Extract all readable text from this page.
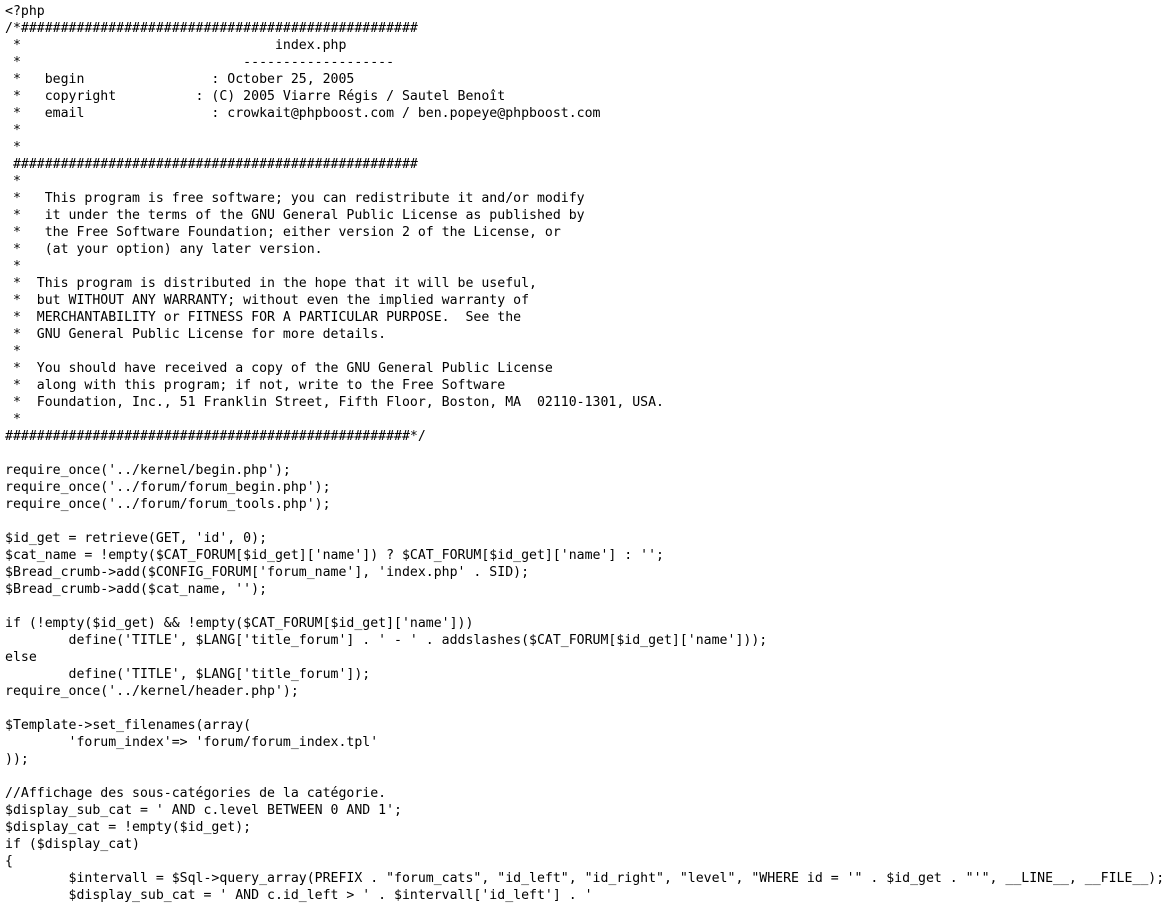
<?php
/*##################################################
*                                index.php
*                            -------------------
*   begin                : October 25, 2005
*   copyright          : (C) 2005 Viarre Régis / Sautel Benoît
*   email                : crowkait@phpboost.com / ben.popeye@phpboost.com
*
*
###################################################
*
*   This program is free software; you can redistribute it and/or modify
*   it under the terms of the GNU General Public License as published by
*   the Free Software Foundation; either version 2 of the License, or
*   (at your option) any later version.
*
*  This program is distributed in the hope that it will be useful,
*  but WITHOUT ANY WARRANTY; without even the implied warranty of
*  MERCHANTABILITY or FITNESS FOR A PARTICULAR PURPOSE.  See the
*  GNU General Public License for more details.
*
*  You should have received a copy of the GNU General Public License
*  along with this program; if not, write to the Free Software
*  Foundation, Inc., 51 Franklin Street, Fifth Floor, Boston, MA  02110-1301, USA.
*
###################################################*/
require_once('../kernel/begin.php');
require_once('../forum/forum_begin.php');
require_once('../forum/forum_tools.php');
$id_get = retrieve(GET, 'id', 0);
$cat_name = !empty($CAT_FORUM[$id_get]['name']) ? $CAT_FORUM[$id_get]['name'] : '';
$Bread_crumb->add($CONFIG_FORUM['forum_name'], 'index.php' . SID);
$Bread_crumb->add($cat_name, '');
if (!empty($id_get) && !empty($CAT_FORUM[$id_get]['name']))
define('TITLE', $LANG['title_forum'] . ' - ' . addslashes($CAT_FORUM[$id_get]['name']));
else
define('TITLE', $LANG['title_forum']);
require_once('../kernel/header.php');
$Template->set_filenames(array(
'forum_index'=> 'forum/forum_index.tpl'
));
//Affichage des sous-catégories de la catégorie.
$display_sub_cat = ' AND c.level BETWEEN 0 AND 1';
$display_cat = !empty($id_get);
if ($display_cat)
{
$intervall = $Sql->query_array(PREFIX . "forum_cats", "id_left", "id_right", "level", "WHERE id = '" . $id_get . "'", __LINE__, __FILE__);
$display_sub_cat = ' AND c.id_left > ' . $intervall['id_left'] . '
